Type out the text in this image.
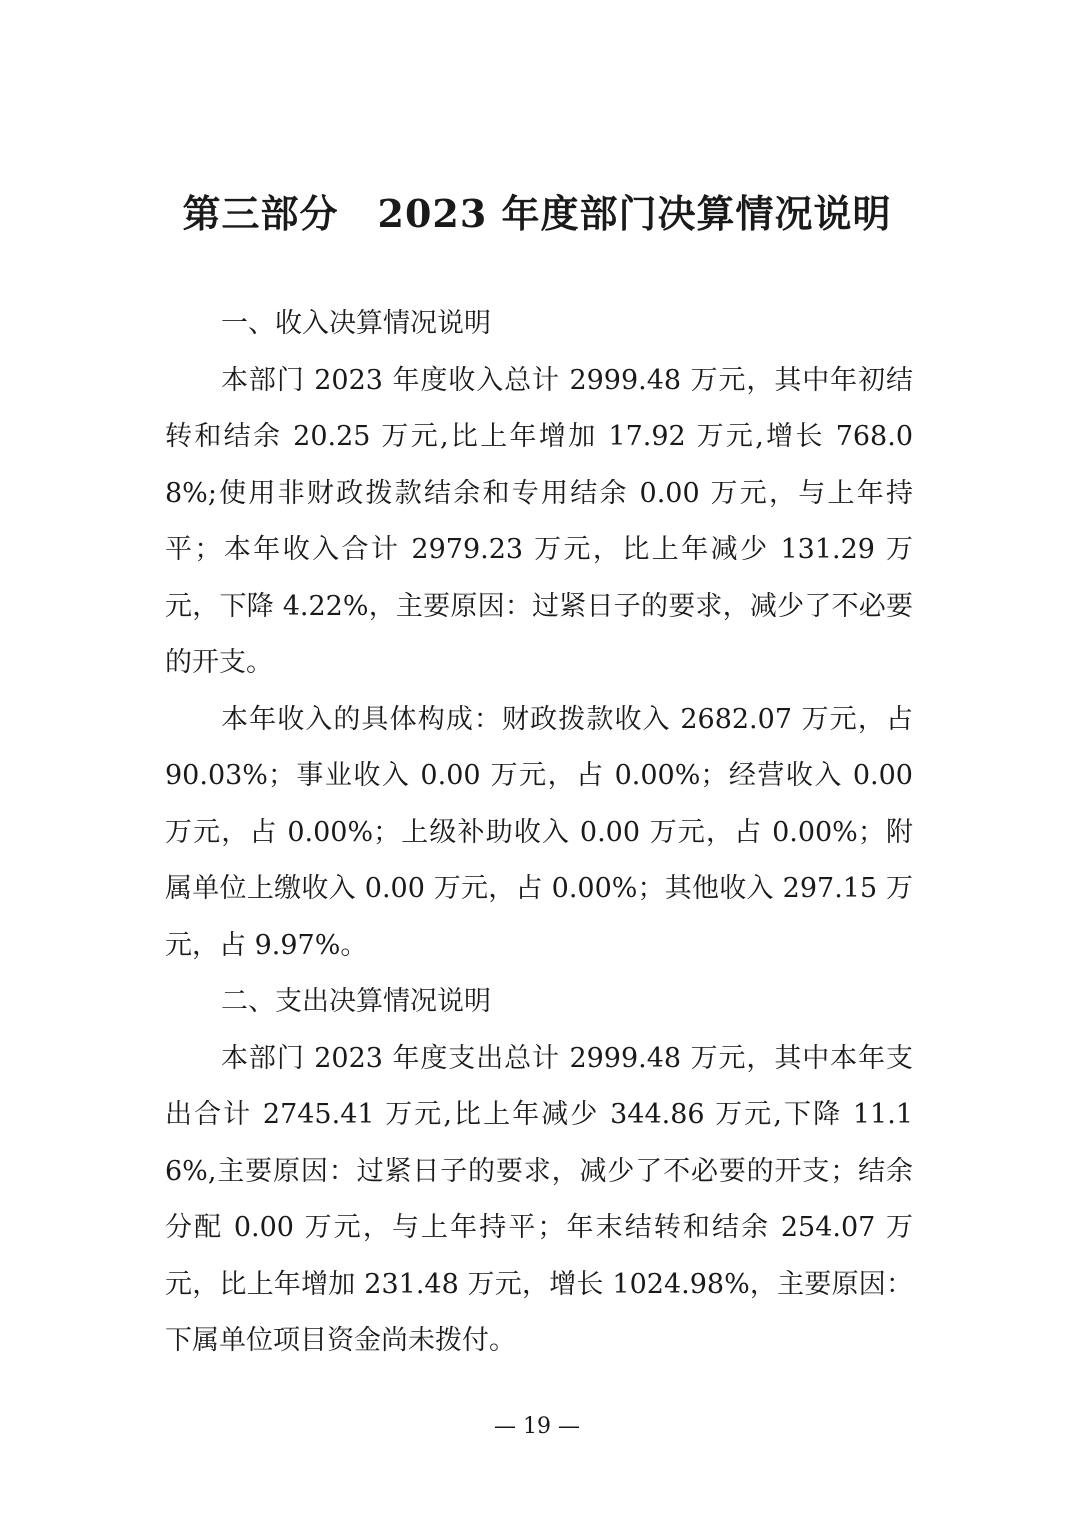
第三部分　2023 年度部门决算情况说明

一、收入决算情况说明

本部门 2023 年度收入总计 2999.48 万元，其中年初结转和结余 20.25 万元,比上年增加 17.92 万元,增长 768.08%;使用非财政拨款结余和专用结余 0.00 万元，与上年持平；本年收入合计 2979.23 万元，比上年减少 131.29 万元，下降 4.22%，主要原因：过紧日子的要求，减少了不必要的开支。

本年收入的具体构成：财政拨款收入 2682.07 万元，占 90.03%；事业收入 0.00 万元，占 0.00%；经营收入 0.00 万元，占 0.00%；上级补助收入 0.00 万元，占 0.00%；附属单位上缴收入 0.00 万元，占 0.00%；其他收入 297.15 万元，占 9.97%。

二、支出决算情况说明

本部门 2023 年度支出总计 2999.48 万元，其中本年支出合计 2745.41 万元,比上年减少 344.86 万元,下降 11.16%,主要原因：过紧日子的要求，减少了不必要的开支；结余分配 0.00 万元，与上年持平；年末结转和结余 254.07 万元，比上年增加 231.48 万元，增长 1024.98%，主要原因：下属单位项目资金尚未拨付。

— 19 —
